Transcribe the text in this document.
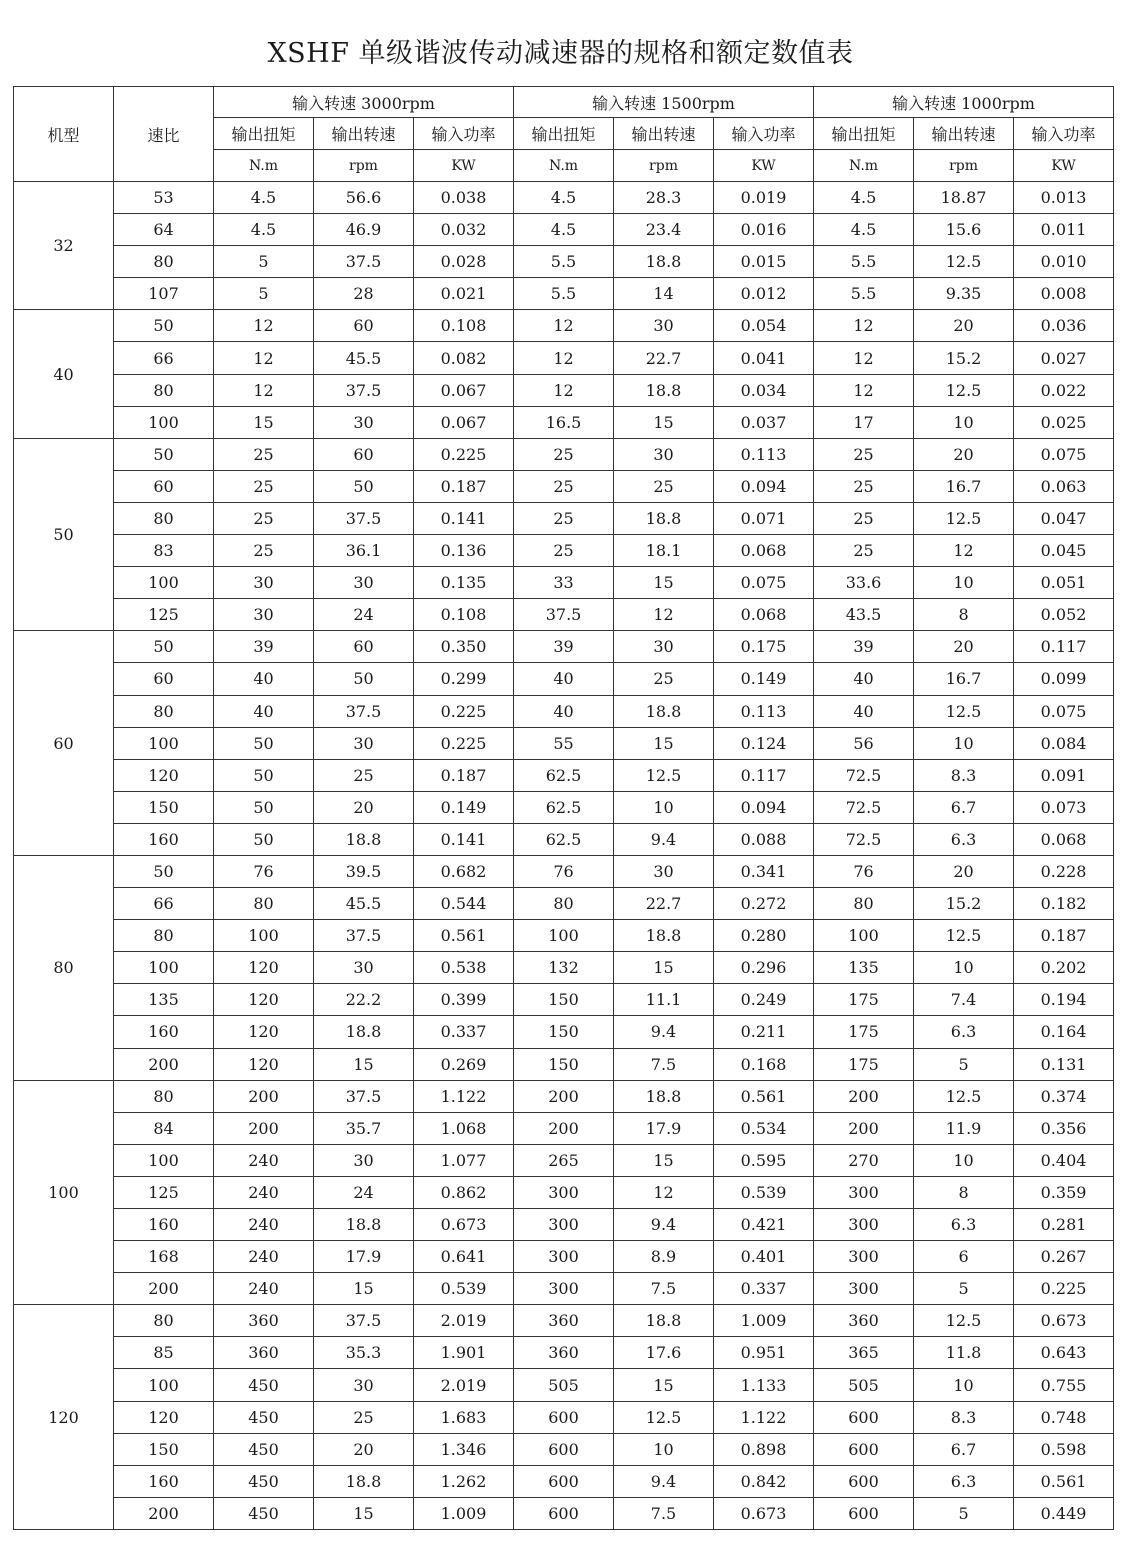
XSHF 单级谐波传动减速器的规格和额定数值表
机型	速比	输入转速 3000rpm			输入转速 1500rpm			输入转速 1000rpm		
		输出扭矩	输出转速	输入功率	输出扭矩	输出转速	输入功率	输出扭矩	输出转速	输入功率
		N.m	rpm	KW	N.m	rpm	KW	N.m	rpm	KW
32	53	4.5	56.6	0.038	4.5	28.3	0.019	4.5	18.87	0.013
	64	4.5	46.9	0.032	4.5	23.4	0.016	4.5	15.6	0.011
	80	5	37.5	0.028	5.5	18.8	0.015	5.5	12.5	0.010
	107	5	28	0.021	5.5	14	0.012	5.5	9.35	0.008
40	50	12	60	0.108	12	30	0.054	12	20	0.036
	66	12	45.5	0.082	12	22.7	0.041	12	15.2	0.027
	80	12	37.5	0.067	12	18.8	0.034	12	12.5	0.022
	100	15	30	0.067	16.5	15	0.037	17	10	0.025
50	50	25	60	0.225	25	30	0.113	25	20	0.075
	60	25	50	0.187	25	25	0.094	25	16.7	0.063
	80	25	37.5	0.141	25	18.8	0.071	25	12.5	0.047
	83	25	36.1	0.136	25	18.1	0.068	25	12	0.045
	100	30	30	0.135	33	15	0.075	33.6	10	0.051
	125	30	24	0.108	37.5	12	0.068	43.5	8	0.052
60	50	39	60	0.350	39	30	0.175	39	20	0.117
	60	40	50	0.299	40	25	0.149	40	16.7	0.099
	80	40	37.5	0.225	40	18.8	0.113	40	12.5	0.075
	100	50	30	0.225	55	15	0.124	56	10	0.084
	120	50	25	0.187	62.5	12.5	0.117	72.5	8.3	0.091
	150	50	20	0.149	62.5	10	0.094	72.5	6.7	0.073
	160	50	18.8	0.141	62.5	9.4	0.088	72.5	6.3	0.068
80	50	76	39.5	0.682	76	30	0.341	76	20	0.228
	66	80	45.5	0.544	80	22.7	0.272	80	15.2	0.182
	80	100	37.5	0.561	100	18.8	0.280	100	12.5	0.187
	100	120	30	0.538	132	15	0.296	135	10	0.202
	135	120	22.2	0.399	150	11.1	0.249	175	7.4	0.194
	160	120	18.8	0.337	150	9.4	0.211	175	6.3	0.164
	200	120	15	0.269	150	7.5	0.168	175	5	0.131
100	80	200	37.5	1.122	200	18.8	0.561	200	12.5	0.374
	84	200	35.7	1.068	200	17.9	0.534	200	11.9	0.356
	100	240	30	1.077	265	15	0.595	270	10	0.404
	125	240	24	0.862	300	12	0.539	300	8	0.359
	160	240	18.8	0.673	300	9.4	0.421	300	6.3	0.281
	168	240	17.9	0.641	300	8.9	0.401	300	6	0.267
	200	240	15	0.539	300	7.5	0.337	300	5	0.225
120	80	360	37.5	2.019	360	18.8	1.009	360	12.5	0.673
	85	360	35.3	1.901	360	17.6	0.951	365	11.8	0.643
	100	450	30	2.019	505	15	1.133	505	10	0.755
	120	450	25	1.683	600	12.5	1.122	600	8.3	0.748
	150	450	20	1.346	600	10	0.898	600	6.7	0.598
	160	450	18.8	1.262	600	9.4	0.842	600	6.3	0.561
	200	450	15	1.009	600	7.5	0.673	600	5	0.449
